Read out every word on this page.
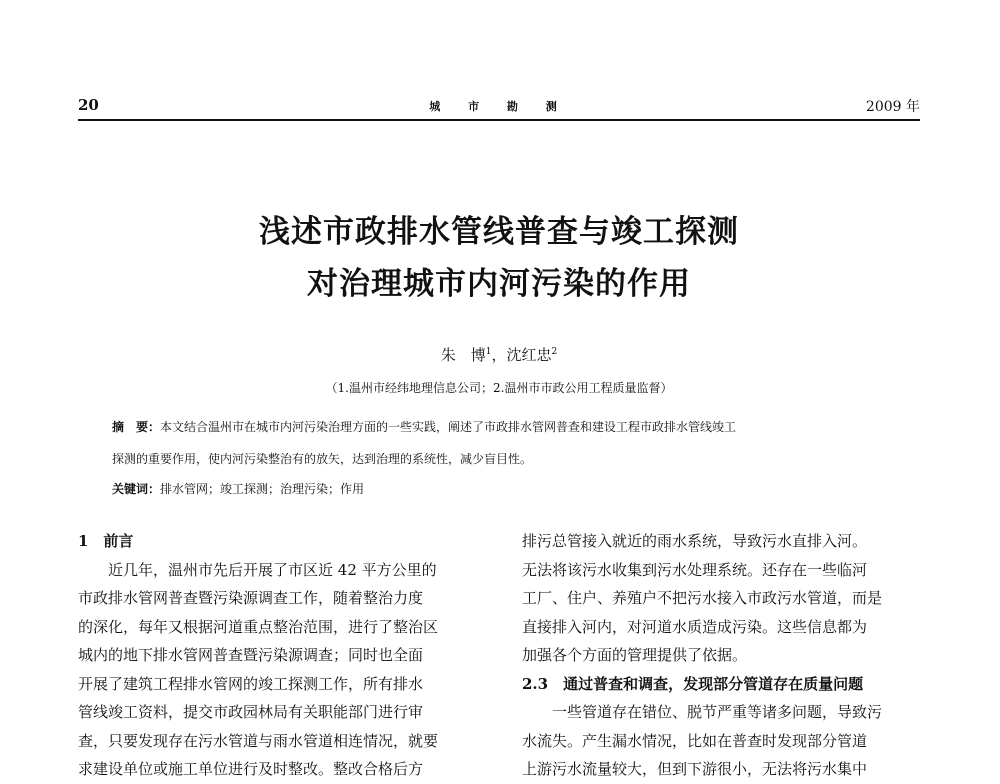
20	城 市 勘 测	2009 年
浅述市政排水管线普查与竣工探测
对治理城市内河污染的作用
朱　博$^1$，沈红忠$^2$
（1.温州市经纬地理信息公司；2.温州市市政公用工程质量监督）
摘　要：本文结合温州市在城市内河污染治理方面的一些实践，阐述了市政排水管网普查和建设工程市政排水管线竣工
探测的重要作用，使内河污染整治有的放矢，达到治理的系统性，减少盲目性。
关键词：排水管网；竣工探测；治理污染；作用

1　前言

　　近几年，温州市先后开展了市区近 42 平方公里的

市政排水管网普查暨污染源调查工作，随着整治力度

的深化，每年又根据河道重点整治范围，进行了整治区

城内的地下排水管网普查暨污染源调查；同时也全面

开展了建筑工程排水管网的竣工探测工作，所有排水

管线竣工资料，提交市政园林局有关职能部门进行审

查，只要发现存在污水管道与雨水管道相连情况，就要

求建设单位或施工单位进行及时整改。整改合格后方

排污总管接入就近的雨水系统，导致污水直排入河。

无法将该污水收集到污水处理系统。还存在一些临河

工厂、住户、养殖户不把污水接入市政污水管道，而是

直接排入河内，对河道水质造成污染。这些信息都为

加强各个方面的管理提供了依据。

2.3　通过普查和调查，发现部分管道存在质量问题

　　一些管道存在错位、脱节严重等诸多问题，导致污

水流失。产生漏水情况，比如在普查时发现部分管道

上游污水流量较大，但到下游很小，无法将污水集中
